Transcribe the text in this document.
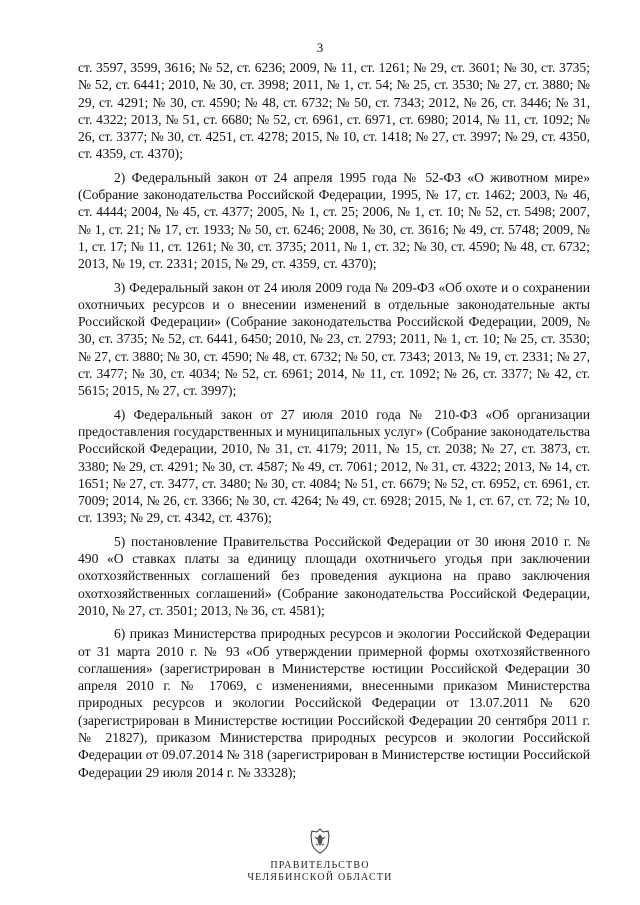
3

ст. 3597, 3599, 3616; № 52, ст. 6236; 2009, № 11, ст. 1261; № 29, ст. 3601; № 30, ст. 3735; № 52, ст. 6441; 2010, № 30, ст. 3998; 2011, № 1, ст. 54; № 25, ст. 3530; № 27, ст. 3880; № 29, ст. 4291; № 30, ст. 4590; № 48, ст. 6732; № 50, ст. 7343; 2012, № 26, ст. 3446; № 31, ст. 4322; 2013, № 51, ст. 6680; № 52, ст. 6961, ст. 6971, ст. 6980; 2014, № 11, ст. 1092; № 26, ст. 3377; № 30, ст. 4251, ст. 4278; 2015, № 10, ст. 1418; № 27, ст. 3997; № 29, ст. 4350, ст. 4359, ст. 4370);

2) Федеральный закон от 24 апреля 1995 года № 52-ФЗ «О животном мире» (Собрание законодательства Российской Федерации, 1995, № 17, ст. 1462; 2003, № 46, ст. 4444; 2004, № 45, ст. 4377; 2005, № 1, ст. 25; 2006, № 1, ст. 10; № 52, ст. 5498; 2007, № 1, ст. 21; № 17, ст. 1933; № 50, ст. 6246; 2008, № 30, ст. 3616; № 49, ст. 5748; 2009, № 1, ст. 17; № 11, ст. 1261; № 30, ст. 3735; 2011, № 1, ст. 32; № 30, ст. 4590; № 48, ст. 6732; 2013, № 19, ст. 2331; 2015, № 29, ст. 4359, ст. 4370);

3) Федеральный закон от 24 июля 2009 года № 209-ФЗ «Об охоте и о сохранении охотничьих ресурсов и о внесении изменений в отдельные законодательные акты Российской Федерации» (Собрание законодательства Российской Федерации, 2009, № 30, ст. 3735; № 52, ст. 6441, 6450; 2010, № 23, ст. 2793; 2011, № 1, ст. 10; № 25, ст. 3530; № 27, ст. 3880; № 30, ст. 4590; № 48, ст. 6732; № 50, ст. 7343; 2013, № 19, ст. 2331; № 27, ст. 3477; № 30, ст. 4034; № 52, ст. 6961; 2014, № 11, ст. 1092; № 26, ст. 3377; № 42, ст. 5615; 2015, № 27, ст. 3997);

4) Федеральный закон от 27 июля 2010 года № 210-ФЗ «Об организации предоставления государственных и муниципальных услуг» (Собрание законодательства Российской Федерации, 2010, № 31, ст. 4179; 2011, № 15, ст. 2038; № 27, ст. 3873, ст. 3380; № 29, ст. 4291; № 30, ст. 4587; № 49, ст. 7061; 2012, № 31, ст. 4322; 2013, № 14, ст. 1651; № 27, ст. 3477, ст. 3480; № 30, ст. 4084; № 51, ст. 6679; № 52, ст. 6952, ст. 6961, ст. 7009; 2014, № 26, ст. 3366; № 30, ст. 4264; № 49, ст. 6928; 2015, № 1, ст. 67, ст. 72; № 10, ст. 1393; № 29, ст. 4342, ст. 4376);

5) постановление Правительства Российской Федерации от 30 июня 2010 г. № 490 «О ставках платы за единицу площади охотничьего угодья при заключении охотхозяйственных соглашений без проведения аукциона на право заключения охотхозяйственных соглашений» (Собрание законодательства Российской Федерации, 2010, № 27, ст. 3501; 2013, № 36, ст. 4581);

6) приказ Министерства природных ресурсов и экологии Российской Федерации от 31 марта 2010 г. № 93 «Об утверждении примерной формы охотхозяйственного соглашения» (зарегистрирован в Министерстве юстиции Российской Федерации 30 апреля 2010 г. № 17069, с изменениями, внесенными приказом Министерства природных ресурсов и экологии Российской Федерации от 13.07.2011 № 620 (зарегистрирован в Министерстве юстиции Российской Федерации 20 сентября 2011 г. № 21827), приказом Министерства природных ресурсов и экологии Российской Федерации от 09.07.2014 № 318 (зарегистрирован в Министерстве юстиции Российской Федерации 29 июля 2014 г. № 33328);

ПРАВИТЕЛЬСТВО
ЧЕЛЯБИНСКОЙ ОБЛАСТИ
